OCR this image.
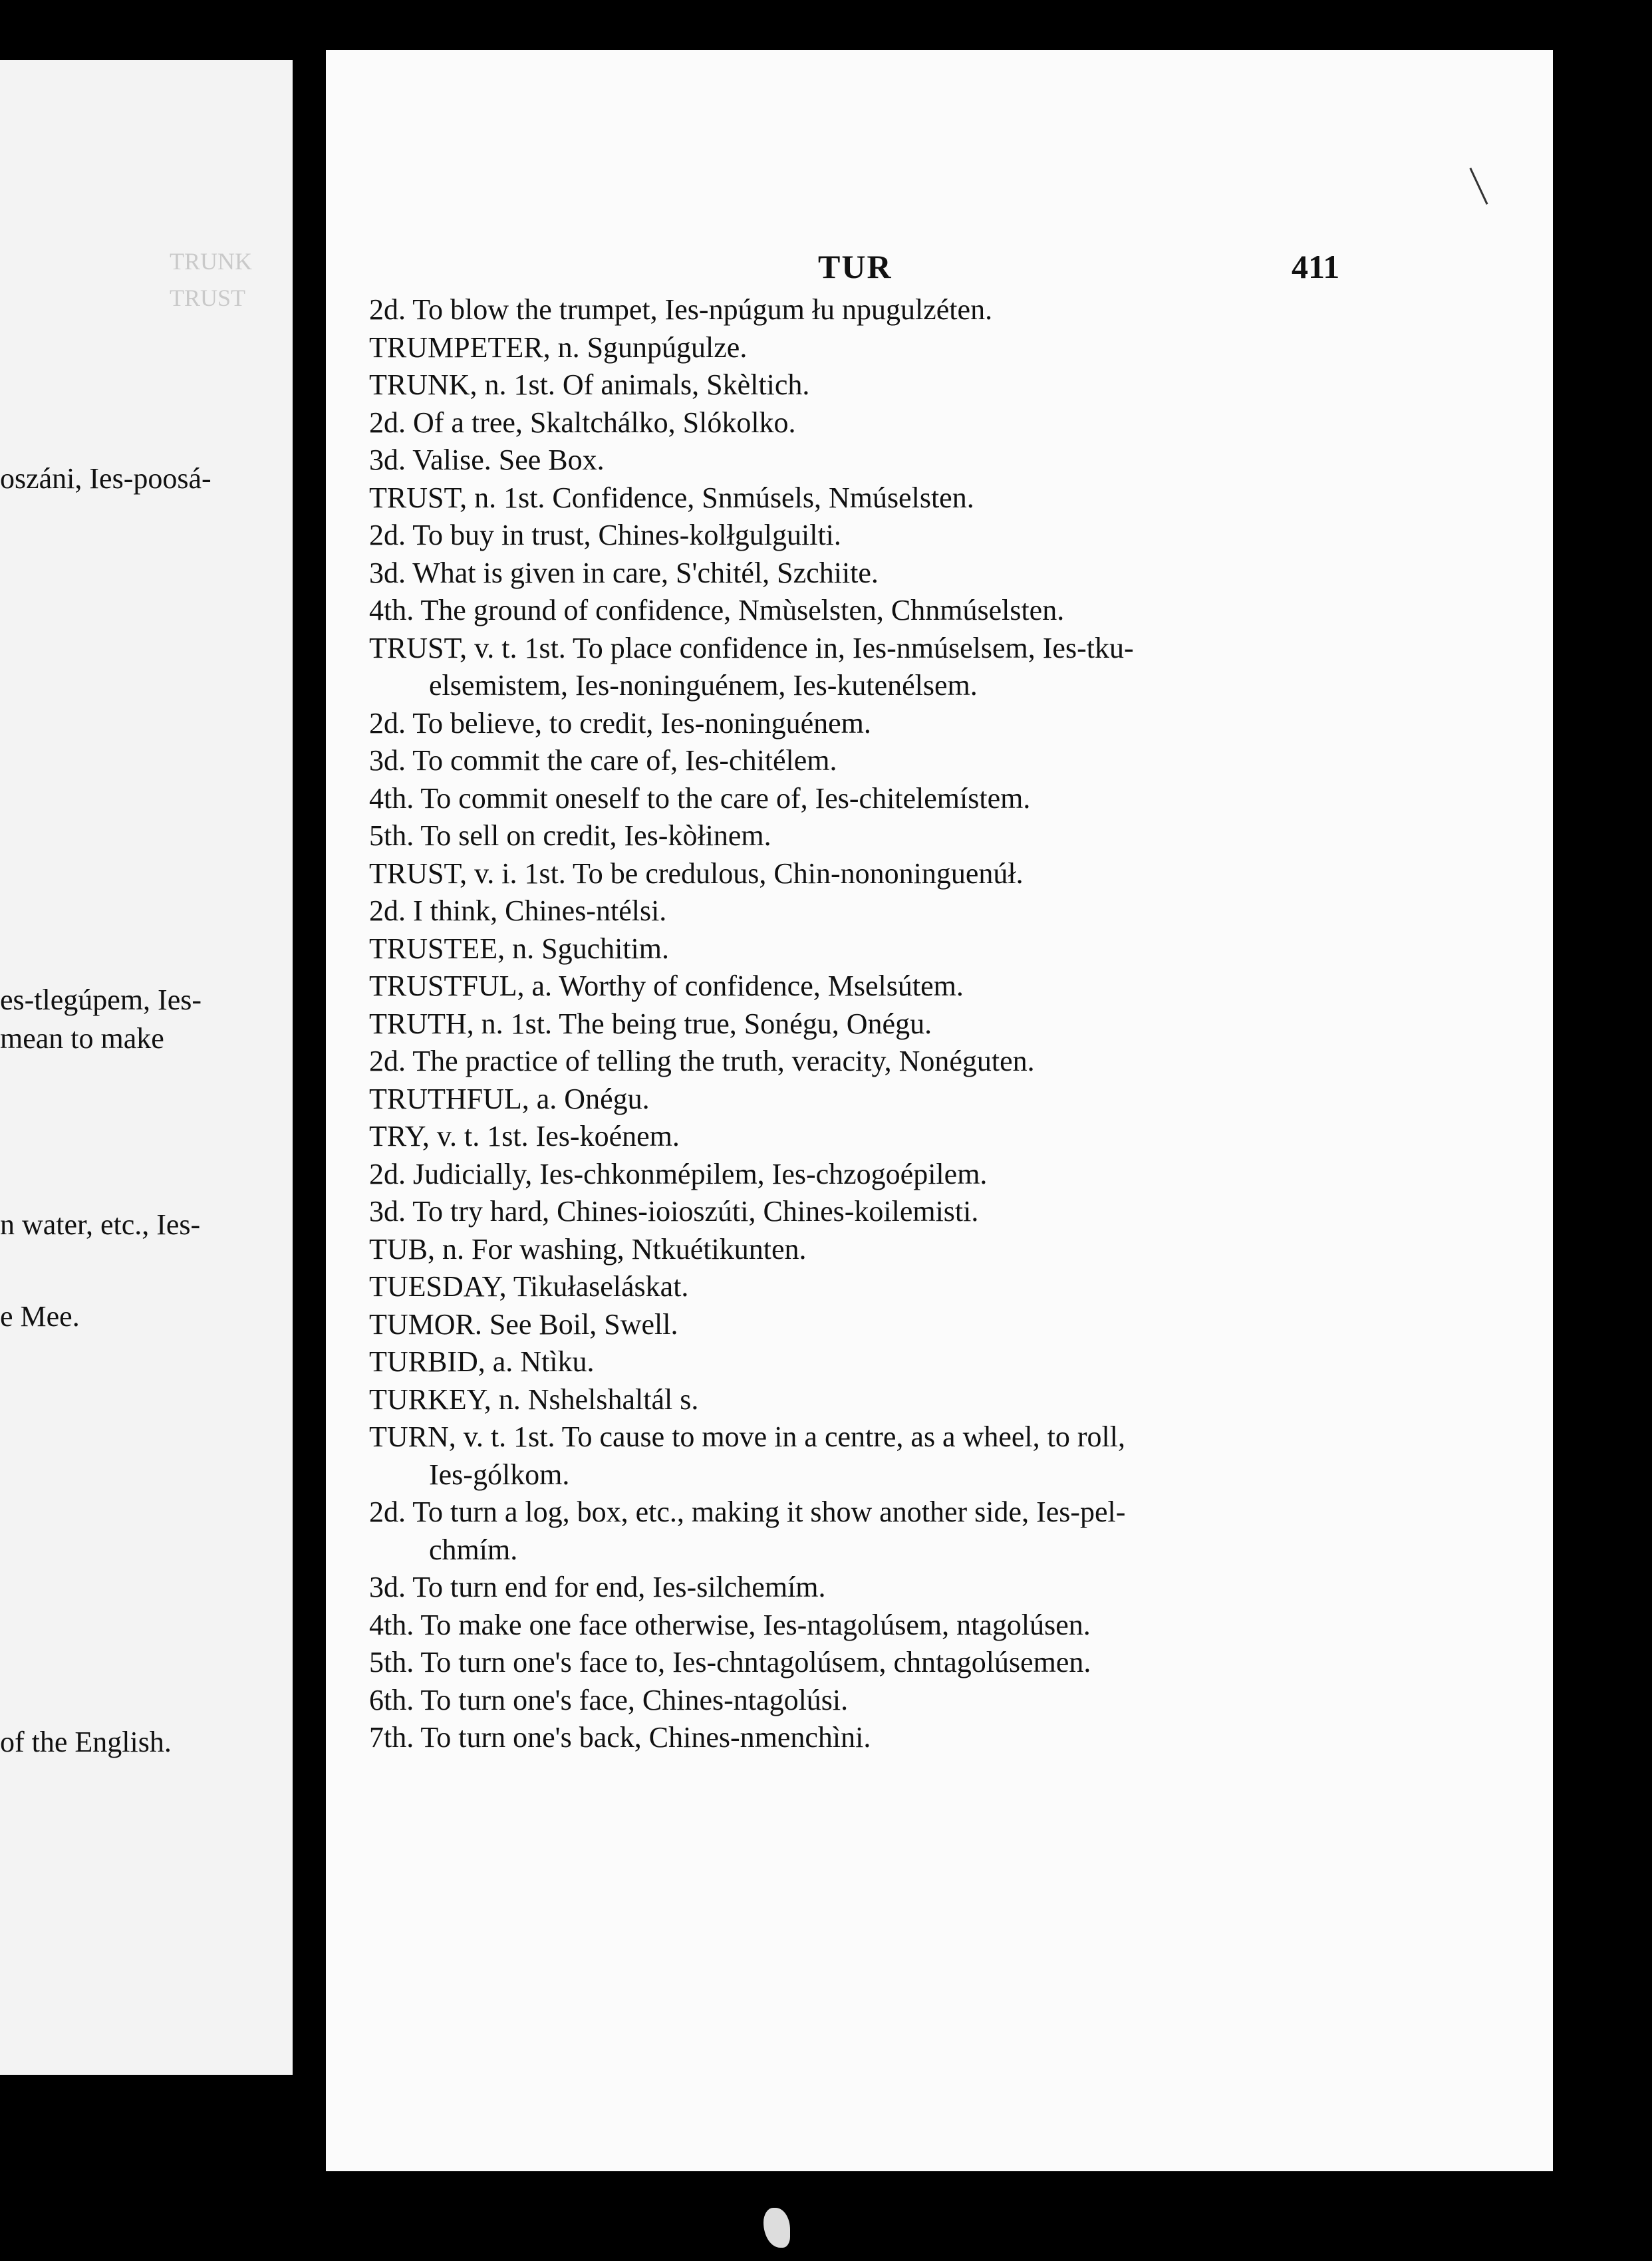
TRUNK
TRUST
oszáni, Ies-poosá-
es-tlegúpem, Ies-
mean to make
n water, etc., Ies-
e Mee.
of the English.
TUR	411
2d. To blow the trumpet, Ies-npúgum łu npugulzéten.
TRUMPETER, n. Sgunpúgulze.
TRUNK, n. 1st. Of animals, Skèltich.
2d. Of a tree, Skaltchálko, Slókolko.
3d. Valise. See Box.
TRUST, n. 1st. Confidence, Snmúsels, Nmúselsten.
2d. To buy in trust, Chines-kolłgulguilti.
3d. What is given in care, S'chitél, Szchiite.
4th. The ground of confidence, Nmùselsten, Chnmúselsten.
TRUST, v. t. 1st. To place confidence in, Ies-nmúselsem, Ies-tku-
elsemistem, Ies-noninguénem, Ies-kutenélsem.
2d. To believe, to credit, Ies-noninguénem.
3d. To commit the care of, Ies-chitélem.
4th. To commit oneself to the care of, Ies-chitelemístem.
5th. To sell on credit, Ies-kòłinem.
TRUST, v. i. 1st. To be credulous, Chin-nononinguenúł.
2d. I think, Chines-ntélsi.
TRUSTEE, n. Sguchitim.
TRUSTFUL, a. Worthy of confidence, Mselsútem.
TRUTH, n. 1st. The being true, Sonégu, Onégu.
2d. The practice of telling the truth, veracity, Nonéguten.
TRUTHFUL, a. Onégu.
TRY, v. t. 1st. Ies-koénem.
2d. Judicially, Ies-chkonmépilem, Ies-chzogoépilem.
3d. To try hard, Chines-ioioszúti, Chines-koilemisti.
TUB, n. For washing, Ntkuétikunten.
TUESDAY, Tikułaseláskat.
TUMOR. See Boil, Swell.
TURBID, a. Ntìku.
TURKEY, n. Nshelshaltál s.
TURN, v. t. 1st. To cause to move in a centre, as a wheel, to roll,
Ies-gólkom.
2d. To turn a log, box, etc., making it show another side, Ies-pel-
chmím.
3d. To turn end for end, Ies-silchemím.
4th. To make one face otherwise, Ies-ntagolúsem, ntagolúsen.
5th. To turn one's face to, Ies-chntagolúsem, chntagolúsemen.
6th. To turn one's face, Chines-ntagolúsi.
7th. To turn one's back, Chines-nmenchìni.
